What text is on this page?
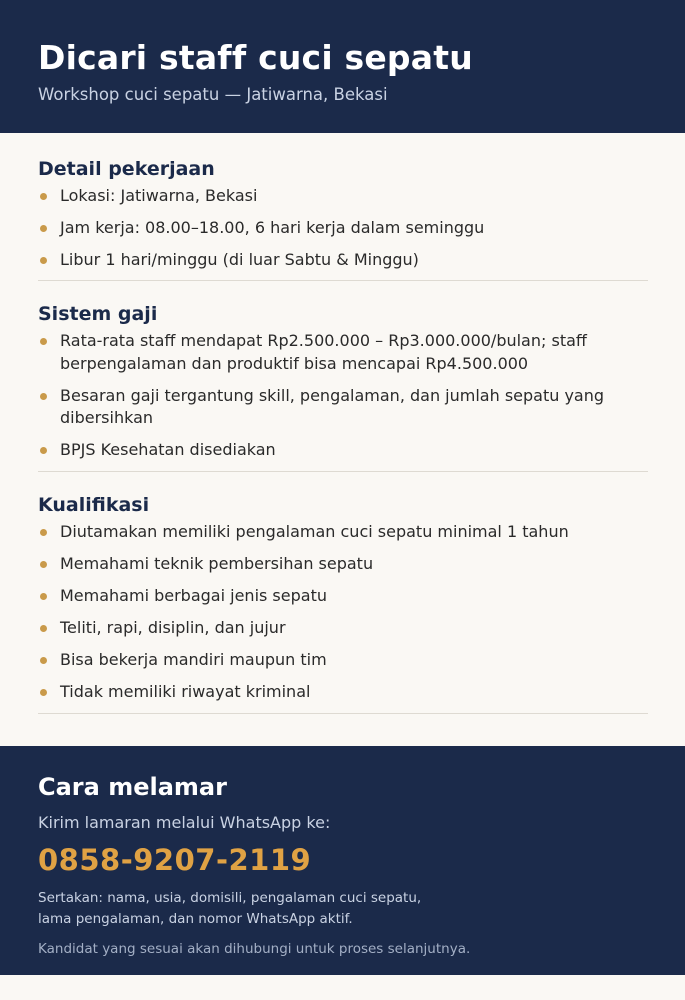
Dicari staff cuci sepatu
Workshop cuci sepatu — Jatiwarna, Bekasi
Detail pekerjaan
Lokasi: Jatiwarna, Bekasi
Jam kerja: 08.00–18.00, 6 hari kerja dalam seminggu
Libur 1 hari/minggu (di luar Sabtu & Minggu)
Sistem gaji
Rata-rata staff mendapat Rp2.500.000 – Rp3.000.000/bulan; staff berpengalaman dan produktif bisa mencapai Rp4.500.000
Besaran gaji tergantung skill, pengalaman, dan jumlah sepatu yang dibersihkan
BPJS Kesehatan disediakan
Kualifikasi
Diutamakan memiliki pengalaman cuci sepatu minimal 1 tahun
Memahami teknik pembersihan sepatu
Memahami berbagai jenis sepatu
Teliti, rapi, disiplin, dan jujur
Bisa bekerja mandiri maupun tim
Tidak memiliki riwayat kriminal
Cara melamar
Kirim lamaran melalui WhatsApp ke:
0858-9207-2119
Sertakan: nama, usia, domisili, pengalaman cuci sepatu, lama pengalaman, dan nomor WhatsApp aktif.
Kandidat yang sesuai akan dihubungi untuk proses selanjutnya.
